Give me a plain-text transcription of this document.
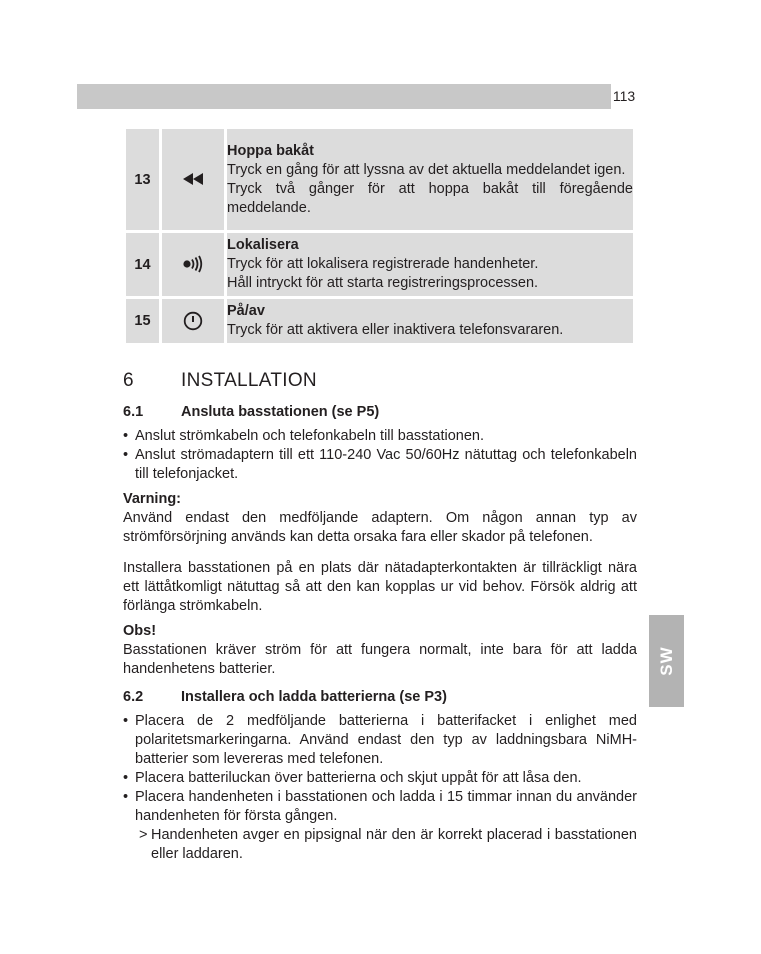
113
SW
13		Hoppa bakåt
Tryck en gång för att lyssna av det aktuella meddelandet igen.
Tryck två gånger för att hoppa bakåt till föregående meddelande.

14		Lokalisera
Tryck för att lokalisera registrerade handenheter.
Håll intryckt för att starta registreringsprocessen.

15		På/av
Tryck för att aktivera eller inaktivera telefonsvararen.
6 INSTALLATION

6.1	Ansluta basstationen (se P5)

• Anslut strömkabeln och telefonkabeln till basstationen.
• Anslut strömadaptern till ett 110-240 Vac 50/60Hz nätuttag och telefonkabeln till telefonjacket.

Varning:

Använd endast den medföljande adaptern. Om någon annan typ av strömförsörjning används kan detta orsaka fara eller skador på telefonen.

Installera basstationen på en plats där nätadapterkontakten är tillräckligt nära ett lättåtkomligt nätuttag så att den kan kopplas ur vid behov. Försök aldrig att förlänga strömkabeln.

Obs!

Basstationen kräver ström för att fungera normalt, inte bara för att ladda handenhetens batterier.

6.2	Installera och ladda batterierna (se P3)

• Placera de 2 medföljande batterierna i batterifacket i enlighet med polaritetsmarkeringarna. Använd endast den typ av laddningsbara NiMH-batterier som levereras med telefonen.
• Placera batteriluckan över batterierna och skjut uppåt för att låsa den.
• Placera handenheten i basstationen och ladda i 15 timmar innan du använder handenheten för första gången.
> Handenheten avger en pipsignal när den är korrekt placerad i basstationen eller laddaren.
